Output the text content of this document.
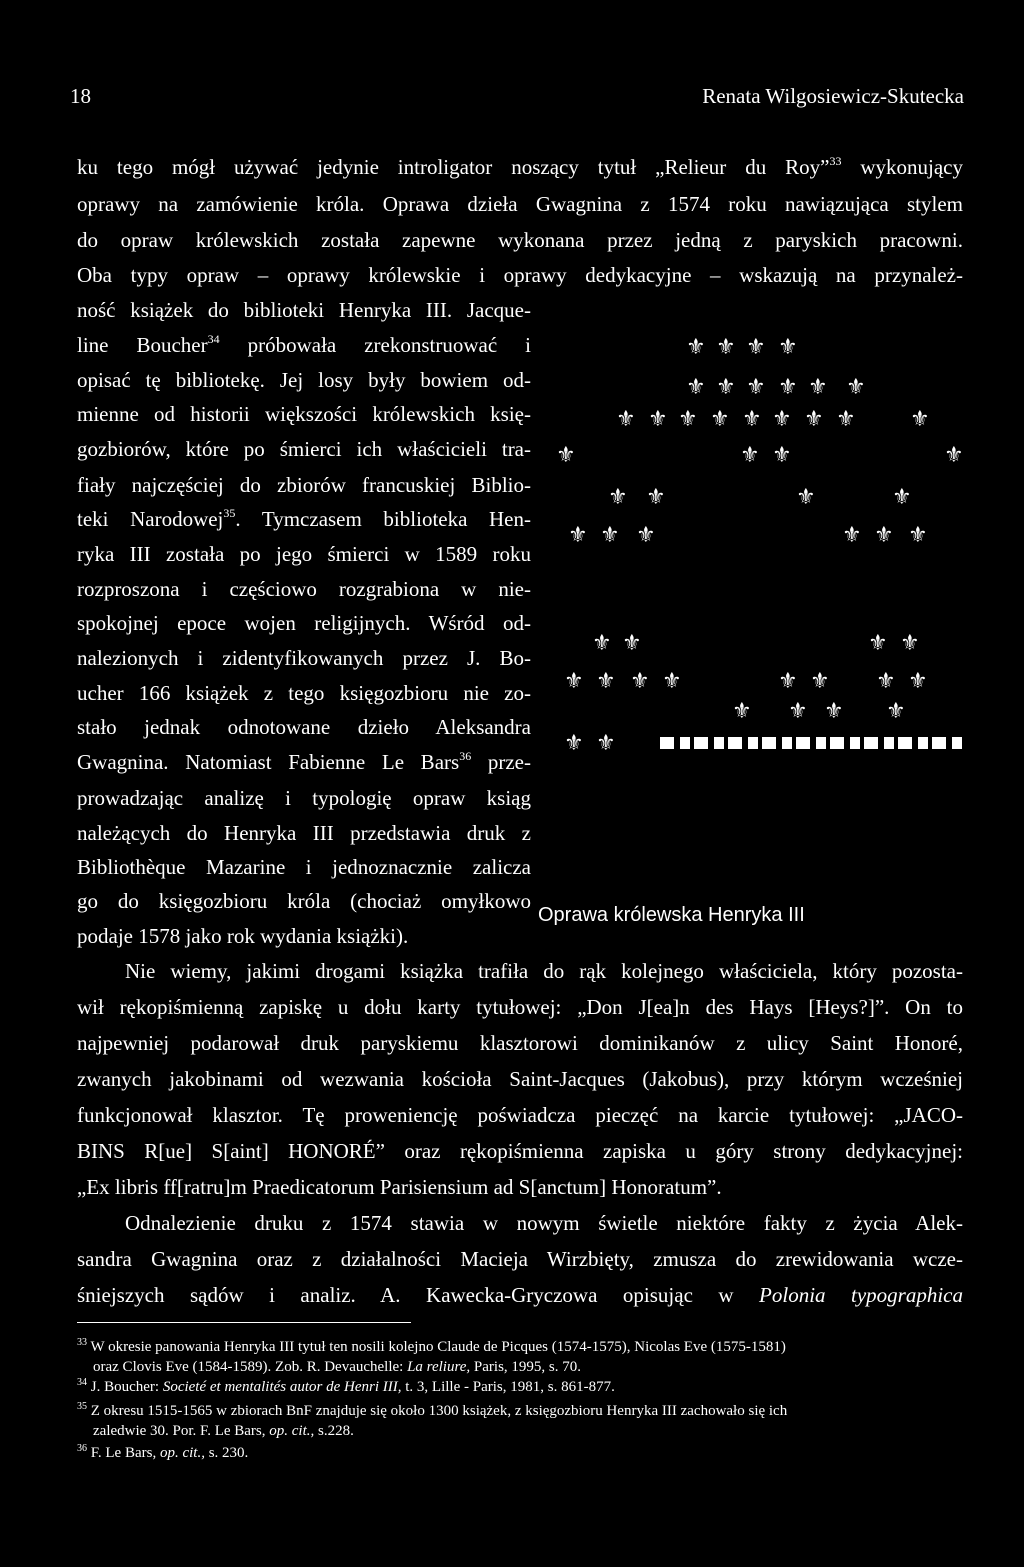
18	Renata Wilgosiewicz-Skutecka
ku tego mógł używać jedynie introligator noszący tytuł „Relieur du Roy”$^{33}$ wykonujący
oprawy na zamówienie króla. Oprawa dzieła Gwagnina z 1574 roku nawiązująca stylem
do opraw królewskich została zapewne wykonana przez jedną z paryskich pracowni.
Oba typy opraw – oprawy królewskie i oprawy dedykacyjne – wskazują na przynależ-
ność książek do biblioteki Henryka III. Jacque-
line Boucher$^{34}$ próbowała zrekonstruować i
opisać tę bibliotekę. Jej losy były bowiem od-
mienne od historii większości królewskich księ-
gozbiorów, które po śmierci ich właścicieli tra-
fiały najczęściej do zbiorów francuskiej Biblio-
teki Narodowej$^{35}$. Tymczasem biblioteka Hen-
ryka III została po jego śmierci w 1589 roku
rozproszona i częściowo rozgrabiona w nie-
spokojnej epoce wojen religijnych. Wśród od-
nalezionych i zidentyfikowanych przez J. Bo-
ucher 166 książek z tego księgozbioru nie zo-
stało jednak odnotowane dzieło Aleksandra
Gwagnina. Natomiast Fabienne Le Bars$^{36}$ prze-
prowadzając analizę i typologię opraw ksiąg
należących do Henryka III przedstawia druk z
Bibliothèque Mazarine i jednoznacznie zalicza
go do księgozbioru króla (chociaż omyłkowo
podaje 1578 jako rok wydania książki).
Nie wiemy, jakimi drogami książka trafiła do rąk kolejnego właściciela, który pozosta-
wił rękopiśmienną zapiskę u dołu karty tytułowej: „Don J[ea]n des Hays [Heys?]”. On to
najpewniej podarował druk paryskiemu klasztorowi dominikanów z ulicy Saint Honoré,
zwanych jakobinami od wezwania kościoła Saint-Jacques (Jakobus), przy którym wcześniej
funkcjonował klasztor. Tę proweniencję poświadcza pieczęć na karcie tytułowej: „JACO-
BINS R[ue] S[aint] HONORÉ” oraz rękopiśmienna zapiska u góry strony dedykacyjnej:
„Ex libris ff[ratru]m Praedicatorum Parisiensium ad S[anctum] Honoratum”.
Odnalezienie druku z 1574 stawia w nowym świetle niektóre fakty z życia Alek-
sandra Gwagnina oraz z działalności Macieja Wirzbięty, zmusza do zrewidowania wcze-
śniejszych sądów i analiz. A. Kawecka-Gryczowa opisując w Polonia typographica
⚜ ⚜ ⚜ ⚜
⚜ ⚜ ⚜ ⚜ ⚜ ⚜
⚜ ⚜ ⚜ ⚜ ⚜ ⚜ ⚜ ⚜ ⚜
⚜	⚜ ⚜	⚜
⚜ ⚜	⚜	⚜
⚜ ⚜ ⚜	⚜ ⚜ ⚜
⚜ ⚜	⚜ ⚜
⚜ ⚜ ⚜ ⚜	⚜ ⚜ ⚜ ⚜
⚜ ⚜ ⚜ ⚜
⚜ ⚜
Oprawa królewska Henryka III
$^{33}$ W okresie panowania Henryka III tytuł ten nosili kolejno Claude de Picques (1574-1575), Nicolas Eve (1575-1581)
oraz Clovis Eve (1584-1589). Zob. R. Devauchelle: La reliure, Paris, 1995, s. 70.
$^{34}$ J. Boucher: Societé et mentalités autor de Henri III, t. 3, Lille - Paris, 1981, s. 861-877.
$^{35}$ Z okresu 1515-1565 w zbiorach BnF znajduje się około 1300 książek, z księgozbioru Henryka III zachowało się ich
zaledwie 30. Por. F. Le Bars, op. cit., s.228.
$^{36}$ F. Le Bars, op. cit., s. 230.
